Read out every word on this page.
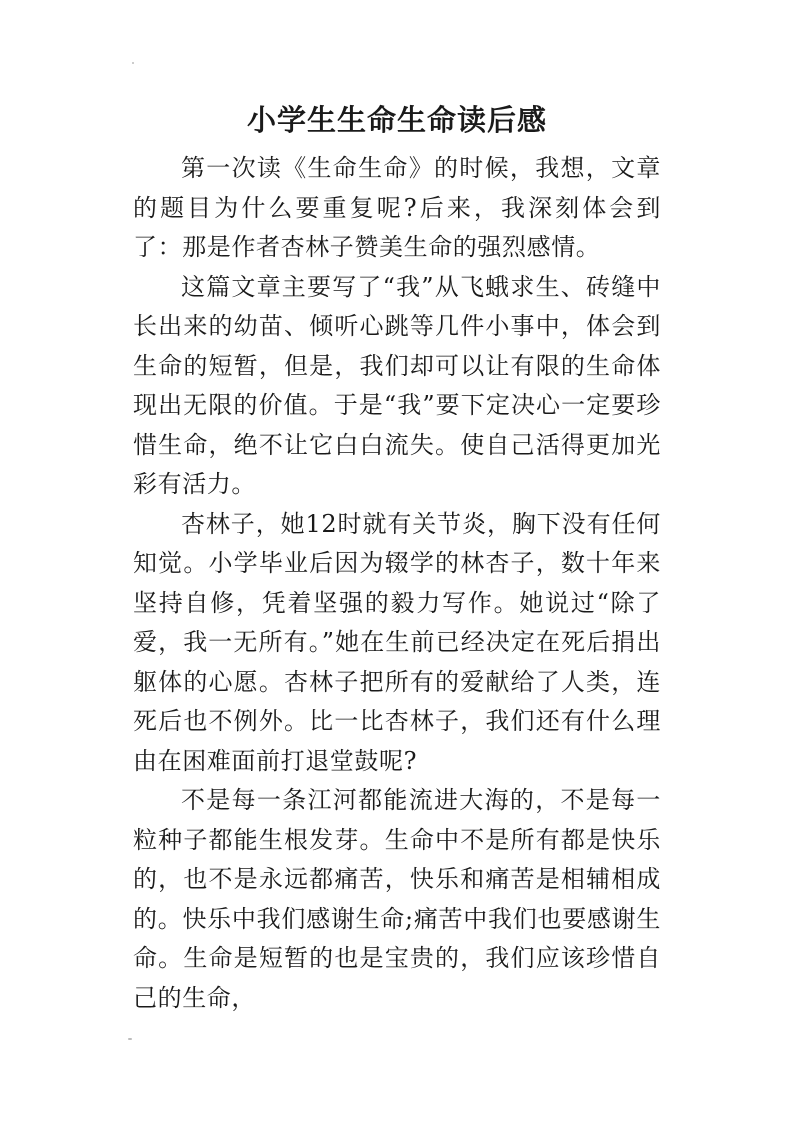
小学生生命生命读后感

第一次读《生命生命》的时候，我想，文章的题目为什么要重复呢?后来，我深刻体会到了：那是作者杏林子赞美生命的强烈感情。

这篇文章主要写了“我”从飞蛾求生、砖缝中长出来的幼苗、倾听心跳等几件小事中，体会到生命的短暂，但是，我们却可以让有限的生命体现出无限的价值。于是“我”要下定决心一定要珍惜生命，绝不让它白白流失。使自己活得更加光彩有活力。

杏林子，她12时就有关节炎，胸下没有任何知觉。小学毕业后因为辍学的林杏子，数十年来坚持自修，凭着坚强的毅力写作。她说过“除了爱，我一无所有。”她在生前已经决定在死后捐出躯体的心愿。杏林子把所有的爱献给了人类，连死后也不例外。比一比杏林子，我们还有什么理由在困难面前打退堂鼓呢?

不是每一条江河都能流进大海的，不是每一粒种子都能生根发芽。生命中不是所有都是快乐的，也不是永远都痛苦，快乐和痛苦是相辅相成的。快乐中我们感谢生命;痛苦中我们也要感谢生命。生命是短暂的也是宝贵的，我们应该珍惜自己的生命，
